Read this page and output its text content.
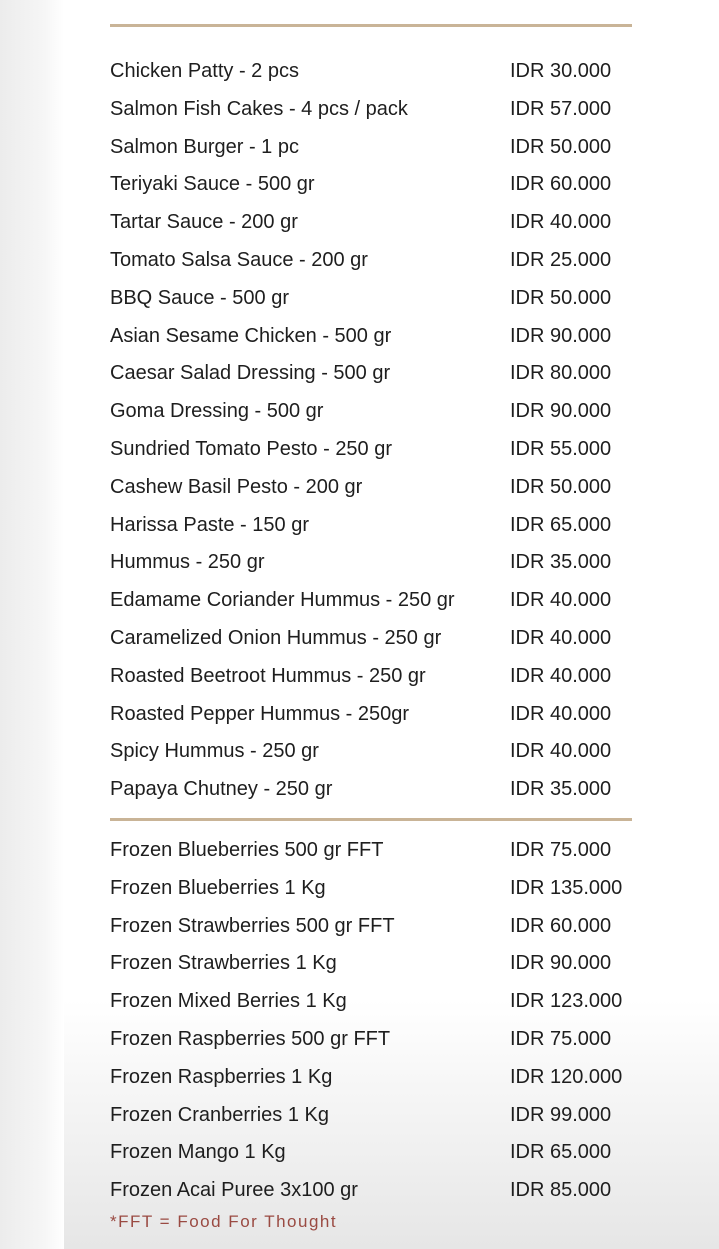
Chicken Patty - 2 pcs	IDR 30.000
Salmon Fish Cakes - 4 pcs / pack	IDR 57.000
Salmon Burger - 1 pc	IDR 50.000
Teriyaki Sauce - 500 gr	IDR 60.000
Tartar Sauce - 200 gr	IDR 40.000
Tomato Salsa Sauce - 200 gr	IDR 25.000
BBQ Sauce - 500 gr	IDR 50.000
Asian Sesame Chicken - 500 gr	IDR 90.000
Caesar Salad Dressing - 500 gr	IDR 80.000
Goma Dressing - 500 gr	IDR 90.000
Sundried Tomato Pesto - 250 gr	IDR 55.000
Cashew Basil Pesto - 200 gr	IDR 50.000
Harissa Paste - 150 gr	IDR 65.000
Hummus - 250 gr	IDR 35.000
Edamame Coriander Hummus - 250 gr	IDR 40.000
Caramelized Onion Hummus - 250 gr	IDR 40.000
Roasted Beetroot Hummus - 250 gr	IDR 40.000
Roasted Pepper Hummus - 250gr	IDR 40.000
Spicy Hummus - 250 gr	IDR 40.000
Papaya Chutney - 250 gr	IDR 35.000
Frozen Blueberries 500 gr FFT	IDR 75.000
Frozen Blueberries 1 Kg	IDR 135.000
Frozen Strawberries 500 gr FFT	IDR 60.000
Frozen Strawberries 1 Kg	IDR 90.000
Frozen Mixed Berries 1 Kg	IDR 123.000
Frozen Raspberries 500 gr FFT	IDR 75.000
Frozen Raspberries 1 Kg	IDR 120.000
Frozen Cranberries 1 Kg	IDR 99.000
Frozen Mango 1 Kg	IDR 65.000
Frozen Acai Puree 3x100 gr	IDR 85.000
*FFT = Food For Thought
